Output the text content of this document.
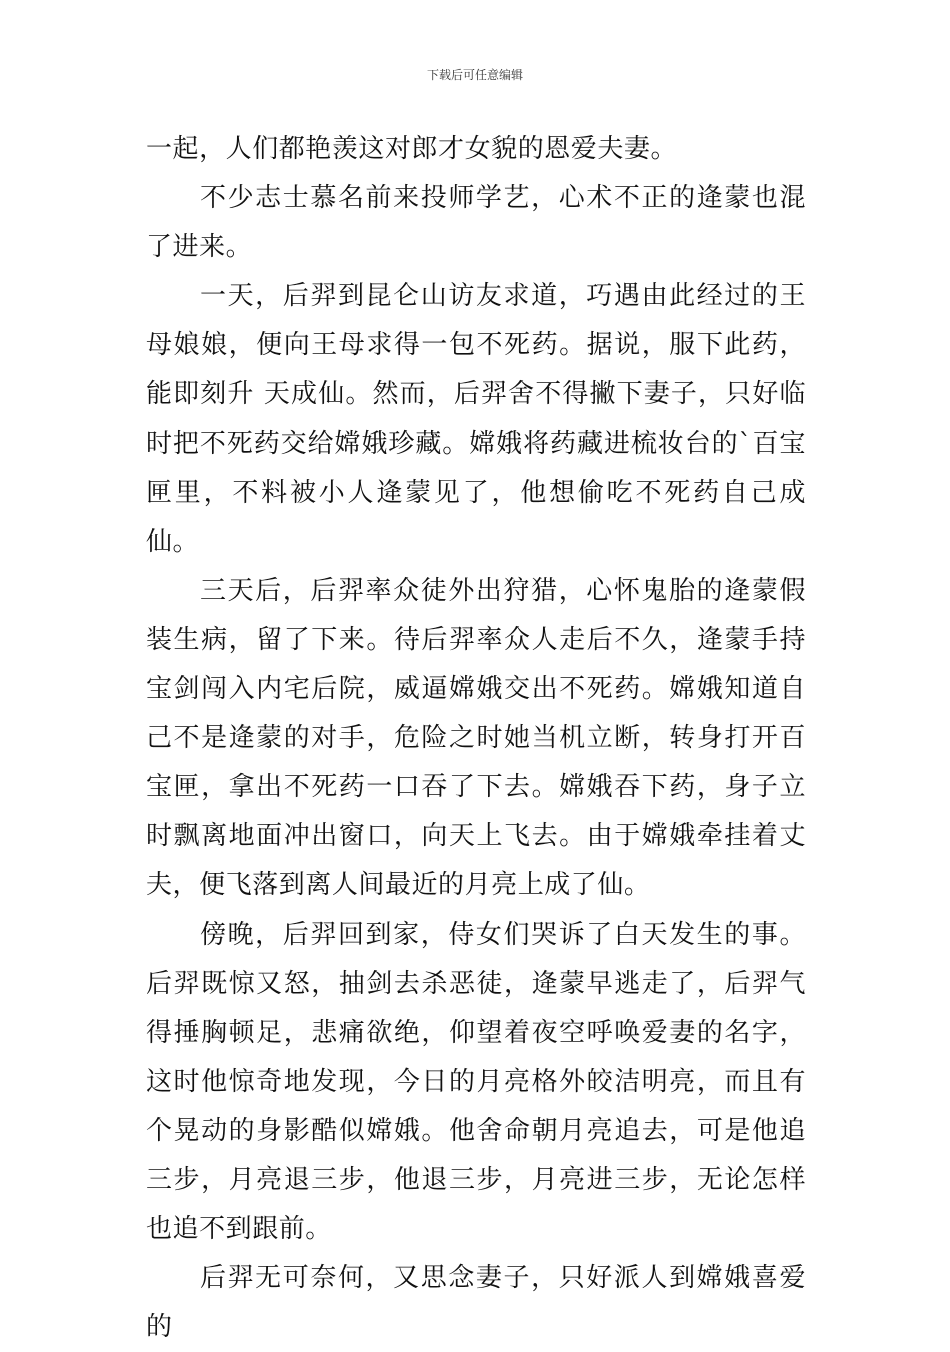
下载后可任意编辑

一起，人们都艳羡这对郎才女貌的恩爱夫妻。

不少志士慕名前来投师学艺，心术不正的逄蒙也混了进来。

一天，后羿到昆仑山访友求道，巧遇由此经过的王母娘娘，便向王母求得一包不死药。据说，服下此药，能即刻升 天成仙。然而，后羿舍不得撇下妻子，只好临时把不死药交给嫦娥珍藏。嫦娥将药藏进梳妆台的`百宝匣里，不料被小人逄蒙见了，他想偷吃不死药自己成仙。

三天后，后羿率众徒外出狩猎，心怀鬼胎的逄蒙假装生病，留了下来。待后羿率众人走后不久，逄蒙手持宝剑闯入内宅后院，威逼嫦娥交出不死药。嫦娥知道自己不是逄蒙的对手，危险之时她当机立断，转身打开百宝匣，拿出不死药一口吞了下去。嫦娥吞下药，身子立时飘离地面冲出窗口，向天上飞去。由于嫦娥牵挂着丈夫，便飞落到离人间最近的月亮上成了仙。

傍晚，后羿回到家，侍女们哭诉了白天发生的事。后羿既惊又怒，抽剑去杀恶徒，逄蒙早逃走了，后羿气得捶胸顿足，悲痛欲绝，仰望着夜空呼唤爱妻的名字，这时他惊奇地发现，今日的月亮格外皎洁明亮，而且有个晃动的身影酷似嫦娥。他舍命朝月亮追去，可是他追三步，月亮退三步，他退三步，月亮进三步，无论怎样也追不到跟前。

后羿无可奈何，又思念妻子，只好派人到嫦娥喜爱的
